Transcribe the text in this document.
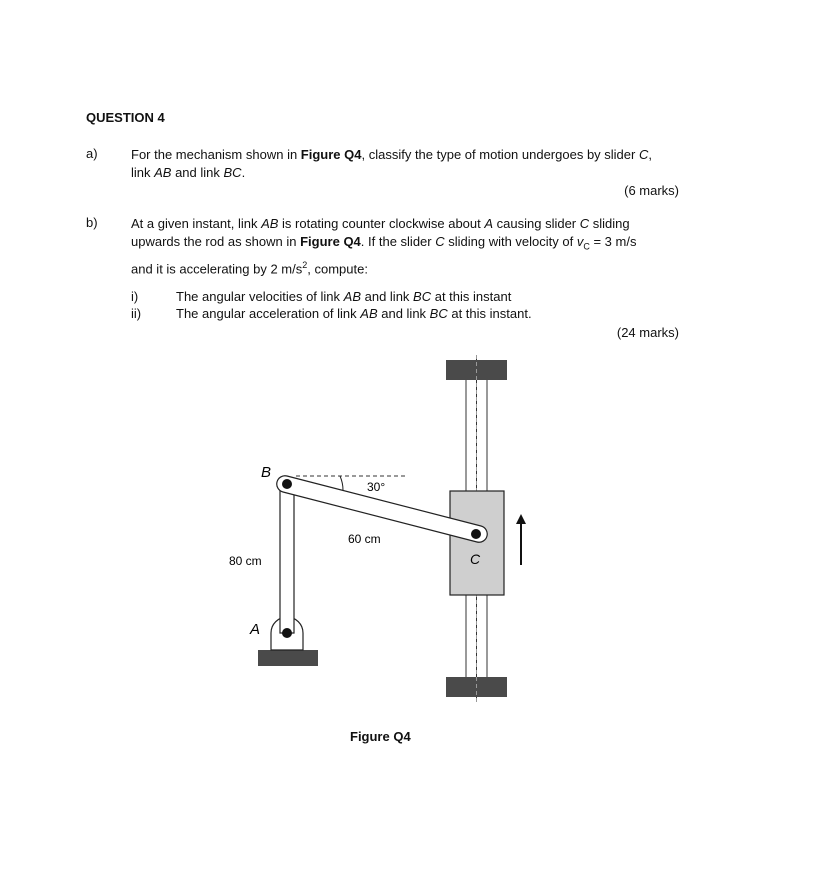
QUESTION 4
a)	For the mechanism shown in Figure Q4, classify the type of motion undergoes by slider C,
link AB and link BC.
(6 marks)
b)	At a given instant, link AB is rotating counter clockwise about A causing slider C sliding
upwards the rod as shown in Figure Q4. If the slider C sliding with velocity of $v_C = 3$ m/s
and it is accelerating by 2 $m/s^2$, compute:
i)	The angular velocities of link AB and link BC at this instant
ii)	The angular acceleration of link AB and link BC at this instant.
(24 marks)
B
A
C
30°
60 cm
80 cm
Figure Q4
